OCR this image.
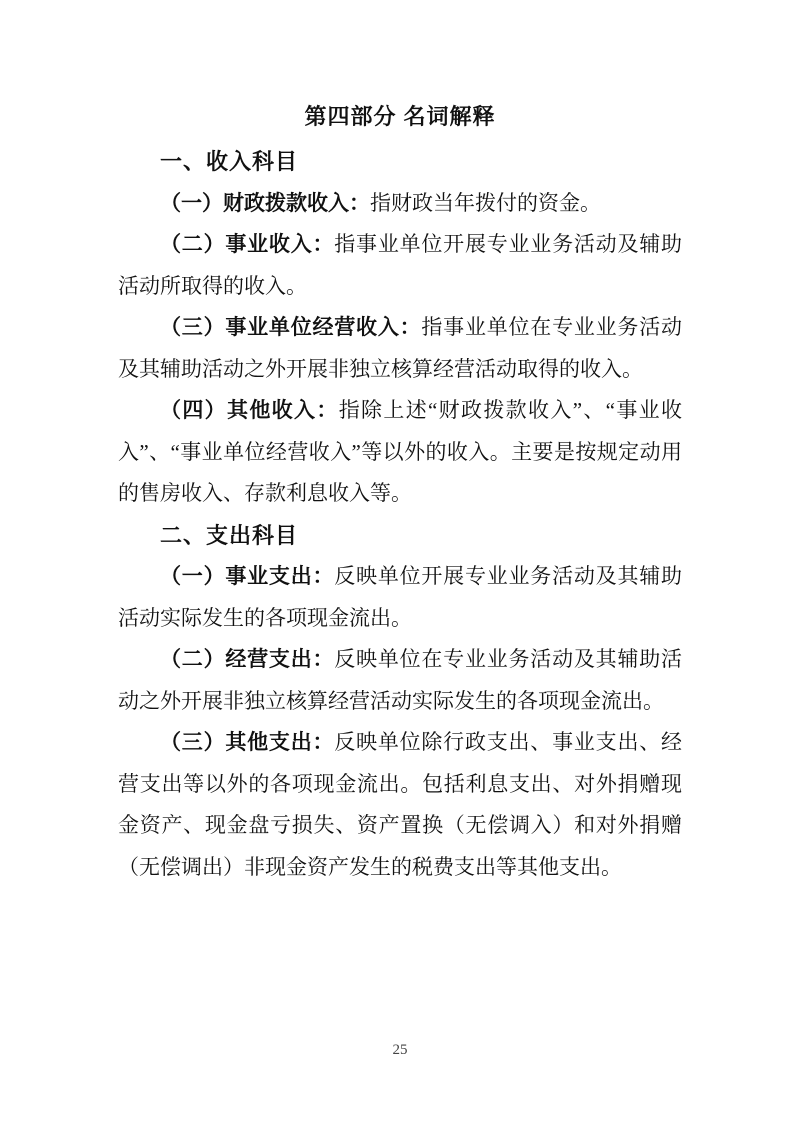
第四部分 名词解释
一、收入科目

（一）财政拨款收入：指财政当年拨付的资金。

（二）事业收入：指事业单位开展专业业务活动及辅助活动所取得的收入。

（三）事业单位经营收入：指事业单位在专业业务活动及其辅助活动之外开展非独立核算经营活动取得的收入。

（四）其他收入：指除上述“财政拨款收入”、“事业收入”、“事业单位经营收入”等以外的收入。主要是按规定动用的售房收入、存款利息收入等。

二、支出科目

（一）事业支出：反映单位开展专业业务活动及其辅助活动实际发生的各项现金流出。

（二）经营支出：反映单位在专业业务活动及其辅助活动之外开展非独立核算经营活动实际发生的各项现金流出。

（三）其他支出：反映单位除行政支出、事业支出、经营支出等以外的各项现金流出。包括利息支出、对外捐赠现金资产、现金盘亏损失、资产置换（无偿调入）和对外捐赠（无偿调出）非现金资产发生的税费支出等其他支出。

25
